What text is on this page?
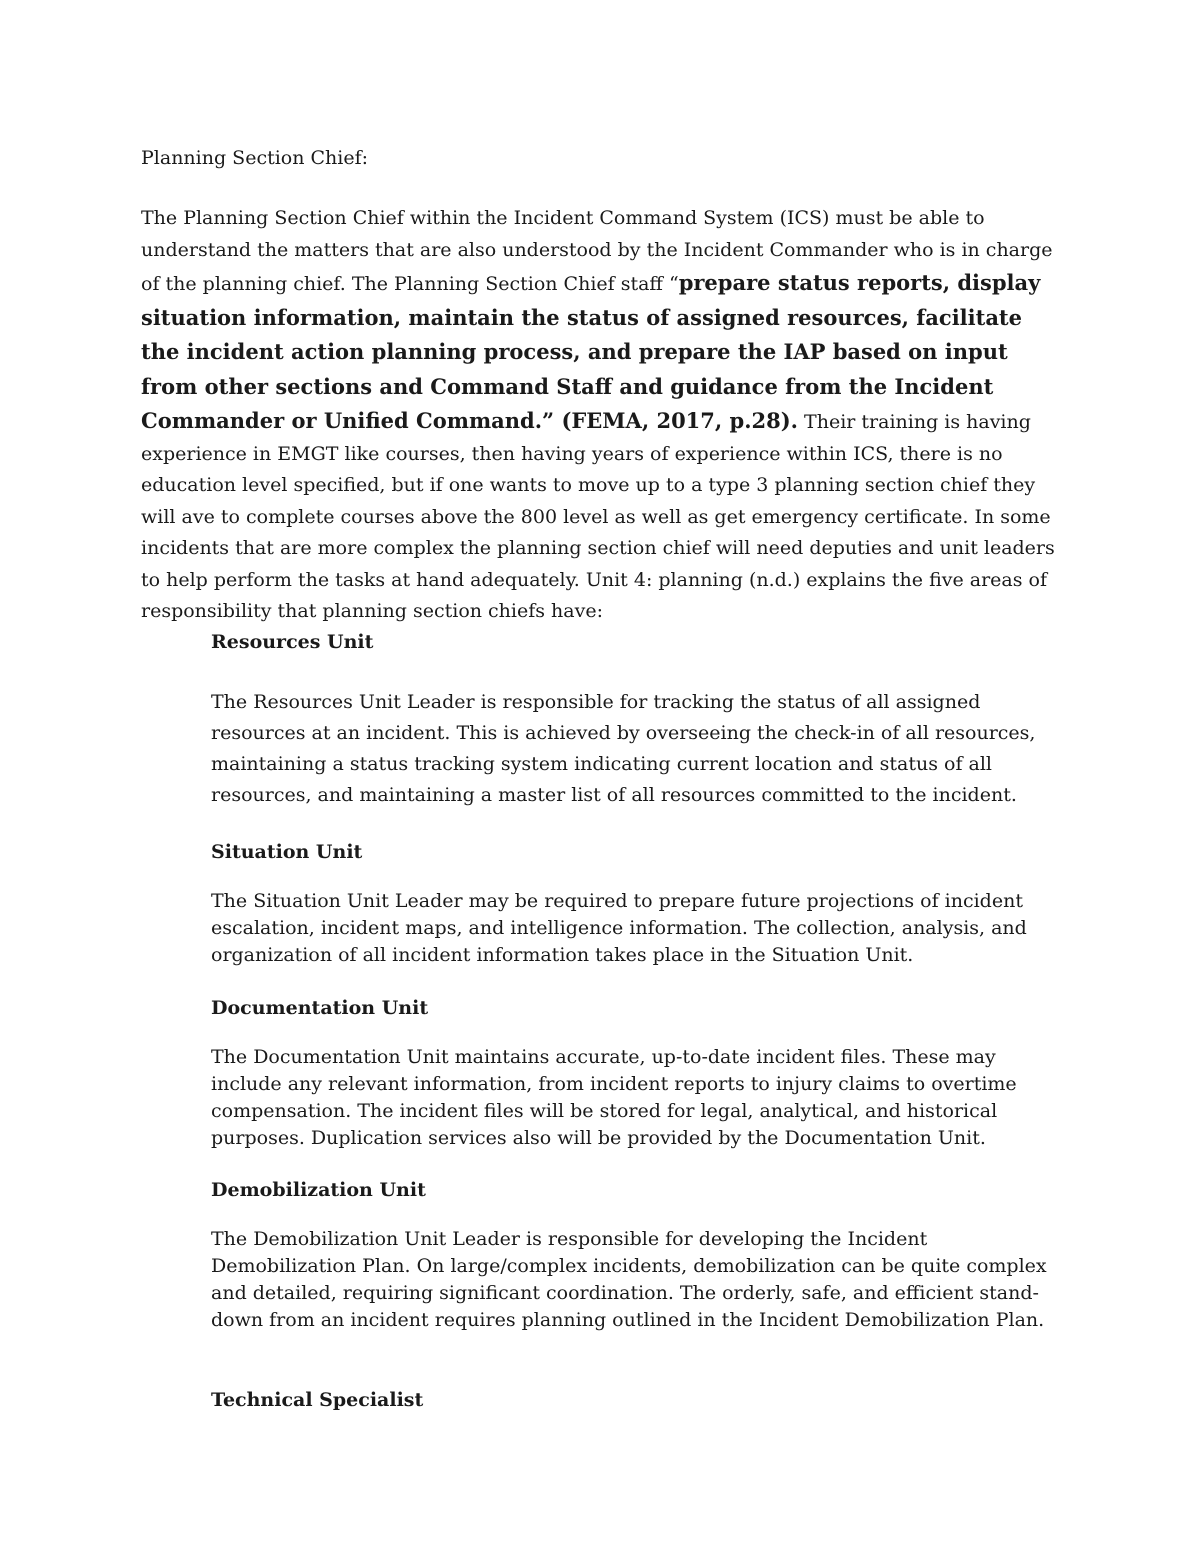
Planning Section Chief:

The Planning Section Chief within the Incident Command System (ICS) must be able to understand the matters that are also understood by the Incident Commander who is in charge of the planning chief. The Planning Section Chief staff “prepare status reports, display situation information, maintain the status of assigned resources, facilitate the incident action planning process, and prepare the IAP based on input from other sections and Command Staff and guidance from the Incident Commander or Unified Command.” (FEMA, 2017, p.28). Their training is having experience in EMGT like courses, then having years of experience within ICS, there is no education level specified, but if one wants to move up to a type 3 planning section chief they will ave to complete courses above the 800 level as well as get emergency certificate. In some incidents that are more complex the planning section chief will need deputies and unit leaders to help perform the tasks at hand adequately. Unit 4: planning (n.d.) explains the five areas of responsibility that planning section chiefs have:

Resources Unit

The Resources Unit Leader is responsible for tracking the status of all assigned resources at an incident. This is achieved by overseeing the check-in of all resources, maintaining a status tracking system indicating current location and status of all resources, and maintaining a master list of all resources committed to the incident.

Situation Unit

The Situation Unit Leader may be required to prepare future projections of incident escalation, incident maps, and intelligence information. The collection, analysis, and organization of all incident information takes place in the Situation Unit.

Documentation Unit

The Documentation Unit maintains accurate, up-to-date incident files. These may include any relevant information, from incident reports to injury claims to overtime compensation. The incident files will be stored for legal, analytical, and historical purposes. Duplication services also will be provided by the Documentation Unit.

Demobilization Unit

The Demobilization Unit Leader is responsible for developing the Incident Demobilization Plan. On large/complex incidents, demobilization can be quite complex and detailed, requiring significant coordination. The orderly, safe, and efficient stand-down from an incident requires planning outlined in the Incident Demobilization Plan.

Technical Specialist
